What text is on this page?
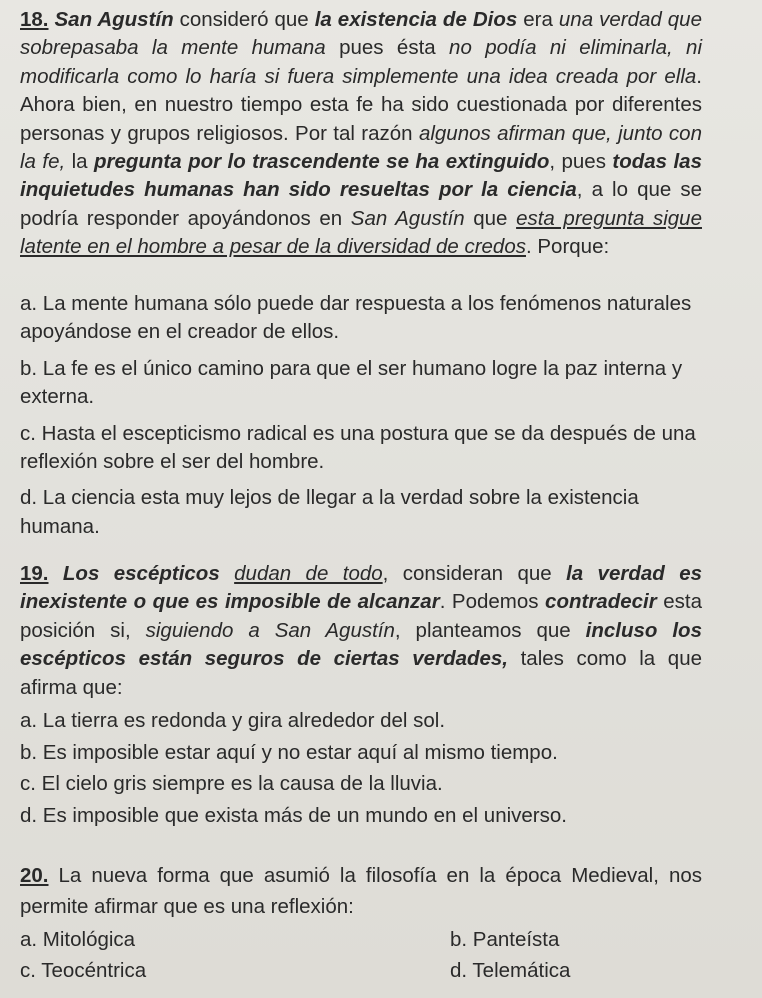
18. San Agustín consideró que la existencia de Dios era una verdad que sobrepasaba la mente humana pues ésta no podía ni eliminarla, ni modificarla como lo haría si fuera simplemente una idea creada por ella. Ahora bien, en nuestro tiempo esta fe ha sido cuestionada por diferentes personas y grupos religiosos. Por tal razón algunos afirman que, junto con la fe, la pregunta por lo trascendente se ha extinguido, pues todas las inquietudes humanas han sido resueltas por la ciencia, a lo que se podría responder apoyándonos en San Agustín que esta pregunta sigue latente en el hombre a pesar de la diversidad de credos. Porque:
a. La mente humana sólo puede dar respuesta a los fenómenos naturales apoyándose en el creador de ellos.
b. La fe es el único camino para que el ser humano logre la paz interna y externa.
c. Hasta el escepticismo radical es una postura que se da después de una reflexión sobre el ser del hombre.
d. La ciencia esta muy lejos de llegar a la verdad sobre la existencia humana.
19. Los escépticos dudan de todo, consideran que la verdad es inexistente o que es imposible de alcanzar. Podemos contradecir esta posición si, siguiendo a San Agustín, planteamos que incluso los escépticos están seguros de ciertas verdades, tales como la que afirma que:
a. La tierra es redonda y gira alrededor del sol.
b. Es imposible estar aquí y no estar aquí al mismo tiempo.
c. El cielo gris siempre es la causa de la lluvia.
d. Es imposible que exista más de un mundo en el universo.
20. La nueva forma que asumió la filosofía en la época Medieval, nos permite afirmar que es una reflexión:
a. Mitológica	b. Panteísta
c. Teocéntrica	d. Telemática
